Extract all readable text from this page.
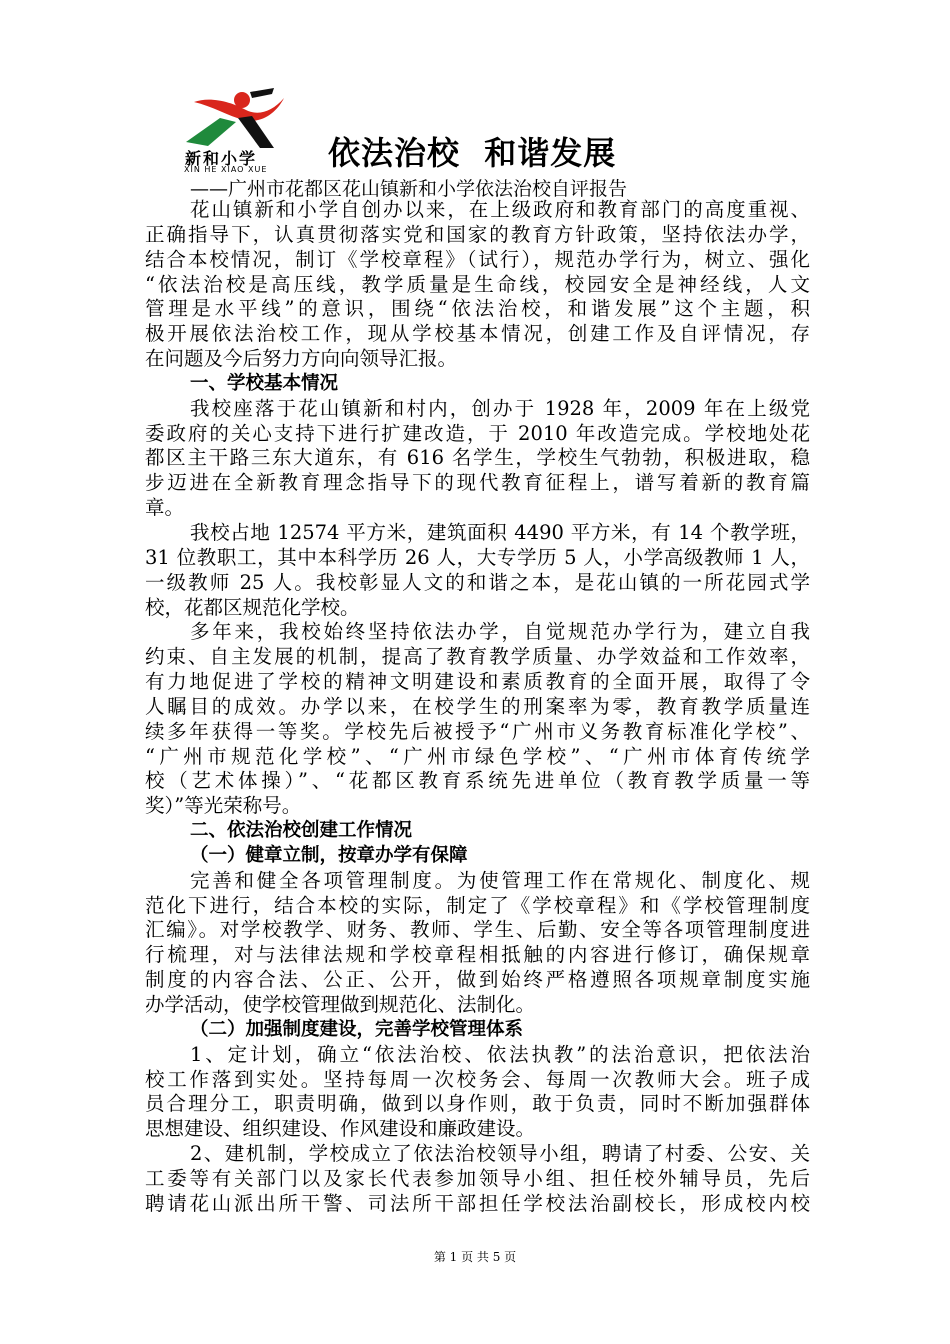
新和小学
XIN HE XIAO XUE 依法治校  和谐发展
——广州市花都区花山镇新和小学依法治校自评报告
花山镇新和小学自创办以来，在上级政府和教育部门的高度重视、
正确指导下，认真贯彻落实党和国家的教育方针政策，坚持依法办学，
结合本校情况，制订《学校章程》（试行），规范办学行为，树立、强化
“依法治校是高压线，教学质量是生命线，校园安全是神经线，人文
管理是水平线”的意识，围绕“依法治校，和谐发展”这个主题，积
极开展依法治校工作，现从学校基本情况，创建工作及自评情况，存
在问题及今后努力方向向领导汇报。
一、学校基本情况
我校座落于花山镇新和村内，创办于 1928 年，2009 年在上级党
委政府的关心支持下进行扩建改造，于 2010 年改造完成。学校地处花
都区主干路三东大道东，有 616 名学生，学校生气勃勃，积极进取，稳
步迈进在全新教育理念指导下的现代教育征程上，谱写着新的教育篇
章。
我校占地 12574 平方米，建筑面积 4490 平方米，有 14 个教学班，
31 位教职工，其中本科学历 26 人，大专学历 5 人，小学高级教师 1 人，
一级教师 25 人。我校彰显人文的和谐之本，是花山镇的一所花园式学
校，花都区规范化学校。
多年来，我校始终坚持依法办学，自觉规范办学行为，建立自我
约束、自主发展的机制，提高了教育教学质量、办学效益和工作效率，
有力地促进了学校的精神文明建设和素质教育的全面开展，取得了令
人瞩目的成效。办学以来，在校学生的刑案率为零，教育教学质量连
续多年获得一等奖。学校先后被授予“广州市义务教育标准化学校”、
“广州市规范化学校”、“广州市绿色学校”、“广州市体育传统学
校（艺术体操）”、“花都区教育系统先进单位（教育教学质量一等
奖）”等光荣称号。
二、依法治校创建工作情况
（一）健章立制，按章办学有保障
完善和健全各项管理制度。为使管理工作在常规化、制度化、规
范化下进行，结合本校的实际，制定了《学校章程》和《学校管理制度
汇编》。对学校教学、财务、教师、学生、后勤、安全等各项管理制度进
行梳理，对与法律法规和学校章程相抵触的内容进行修订，确保规章
制度的内容合法、公正、公开，做到始终严格遵照各项规章制度实施
办学活动，使学校管理做到规范化、法制化。
（二）加强制度建设，完善学校管理体系
1、定计划，确立“依法治校、依法执教”的法治意识，把依法治
校工作落到实处。坚持每周一次校务会、每周一次教师大会。班子成
员合理分工，职责明确，做到以身作则，敢于负责，同时不断加强群体
思想建设、组织建设、作风建设和廉政建设。
2、建机制，学校成立了依法治校领导小组，聘请了村委、公安、关
工委等有关部门以及家长代表参加领导小组、担任校外辅导员，先后
聘请花山派出所干警、司法所干部担任学校法治副校长，形成校内校
第 1 页 共 5 页
